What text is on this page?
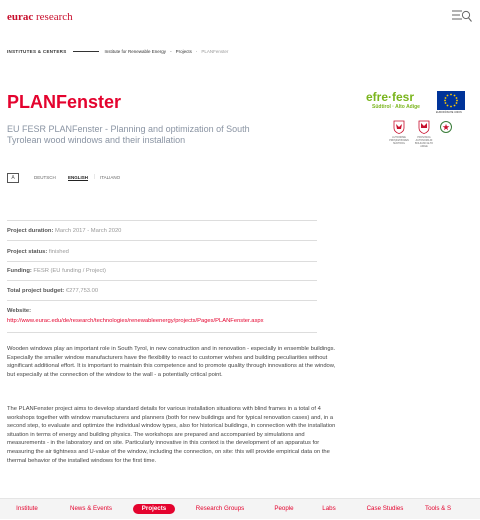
eurac research
INSTITUTES & CENTERS	Institute for Renewable Energy - Projects · PLANFenster
PLANFenster
EU FESR PLANFenster - Planning and optimization of South Tyrolean wood windows and their installation
efre·fesr
Südtirol · Alto Adige
EUROPÄISCHE UNION
AUTONOME PROVINZ BOZEN SÜDTIROL
PROVINCIA AUTONOMA DI BOLZANO ALTO ADIGE
A	DEUTSCH	ENGLISH | ITALIANO
Project duration: March 2017 - March 2020
Project status: finished
Funding: FESR (EU funding / Project)
Total project budget: €277,753.00
Website:
http://www.eurac.edu/de/research/technologies/renewableenergy/projects/Pages/PLANFenster.aspx
Wooden windows play an important role in South Tyrol, in new construction and in renovation - especially in ensemble buildings. Especially the smaller window manufacturers have the flexibility to react to customer wishes and building peculiarities without significant additional effort. It is important to maintain this competence and to promote quality through innovations at the window, but especially at the connection of the window to the wall - a potentially critical point.
The PLANFenster project aims to develop standard details for various installation situations with blind frames in a total of 4 workshops together with window manufacturers and planners (both for new buildings and for typical renovation cases) and, in a second step, to evaluate and optimize the individual window types, also for historical buildings, in connection with the installation situation in terms of energy and building physics. The workshops are prepared and accompanied by simulations and measurements - in the laboratory and on site. Particularly innovative in this context is the development of an apparatus for measuring the air tightness and U-value of the window, including the connection, on site: this will provide empirical data on the thermal behavior of the installed windows for the first time.
Institute	News & Events	Projects	Research Groups	People	Labs	Case Studies	Tools & S
